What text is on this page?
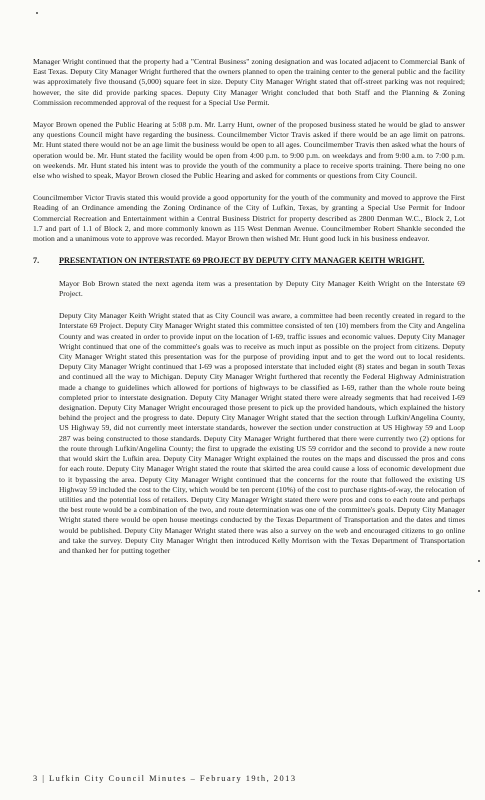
Manager Wright continued that the property had a "Central Business" zoning designation and was located adjacent to Commercial Bank of East Texas. Deputy City Manager Wright furthered that the owners planned to open the training center to the general public and the facility was approximately five thousand (5,000) square feet in size. Deputy City Manager Wright stated that off-street parking was not required; however, the site did provide parking spaces. Deputy City Manager Wright concluded that both Staff and the Planning & Zoning Commission recommended approval of the request for a Special Use Permit.

Mayor Brown opened the Public Hearing at 5:08 p.m. Mr. Larry Hunt, owner of the proposed business stated he would be glad to answer any questions Council might have regarding the business. Councilmember Victor Travis asked if there would be an age limit on patrons. Mr. Hunt stated there would not be an age limit the business would be open to all ages. Councilmember Travis then asked what the hours of operation would be. Mr. Hunt stated the facility would be open from 4:00 p.m. to 9:00 p.m. on weekdays and from 9:00 a.m. to 7:00 p.m. on weekends. Mr. Hunt stated his intent was to provide the youth of the community a place to receive sports training. There being no one else who wished to speak, Mayor Brown closed the Public Hearing and asked for comments or questions from City Council.

Councilmember Victor Travis stated this would provide a good opportunity for the youth of the community and moved to approve the First Reading of an Ordinance amending the Zoning Ordinance of the City of Lufkin, Texas, by granting a Special Use Permit for Indoor Commercial Recreation and Entertainment within a Central Business District for property described as 2800 Denman W.C., Block 2, Lot 1.7 and part of 1.1 of Block 2, and more commonly known as 115 West Denman Avenue. Councilmember Robert Shankle seconded the motion and a unanimous vote to approve was recorded. Mayor Brown then wished Mr. Hunt good luck in his business endeavor.

7.	PRESENTATION ON INTERSTATE 69 PROJECT BY DEPUTY CITY MANAGER KEITH WRIGHT.

Mayor Bob Brown stated the next agenda item was a presentation by Deputy City Manager Keith Wright on the Interstate 69 Project.

Deputy City Manager Keith Wright stated that as City Council was aware, a committee had been recently created in regard to the Interstate 69 Project. Deputy City Manager Wright stated this committee consisted of ten (10) members from the City and Angelina County and was created in order to provide input on the location of I-69, traffic issues and economic values. Deputy City Manager Wright continued that one of the committee's goals was to receive as much input as possible on the project from citizens. Deputy City Manager Wright stated this presentation was for the purpose of providing input and to get the word out to local residents. Deputy City Manager Wright continued that I-69 was a proposed interstate that included eight (8) states and began in south Texas and continued all the way to Michigan. Deputy City Manager Wright furthered that recently the Federal Highway Administration made a change to guidelines which allowed for portions of highways to be classified as I-69, rather than the whole route being completed prior to interstate designation. Deputy City Manager Wright stated there were already segments that had received I-69 designation. Deputy City Manager Wright encouraged those present to pick up the provided handouts, which explained the history behind the project and the progress to date. Deputy City Manager Wright stated that the section through Lufkin/Angelina County, US Highway 59, did not currently meet interstate standards, however the section under construction at US Highway 59 and Loop 287 was being constructed to those standards. Deputy City Manager Wright furthered that there were currently two (2) options for the route through Lufkin/Angelina County; the first to upgrade the existing US 59 corridor and the second to provide a new route that would skirt the Lufkin area. Deputy City Manager Wright explained the routes on the maps and discussed the pros and cons for each route. Deputy City Manager Wright stated the route that skirted the area could cause a loss of economic development due to it bypassing the area. Deputy City Manager Wright continued that the concerns for the route that followed the existing US Highway 59 included the cost to the City, which would be ten percent (10%) of the cost to purchase rights-of-way, the relocation of utilities and the potential loss of retailers. Deputy City Manager Wright stated there were pros and cons to each route and perhaps the best route would be a combination of the two, and route determination was one of the committee's goals. Deputy City Manager Wright stated there would be open house meetings conducted by the Texas Department of Transportation and the dates and times would be published. Deputy City Manager Wright stated there was also a survey on the web and encouraged citizens to go online and take the survey. Deputy City Manager Wright then introduced Kelly Morrison with the Texas Department of Transportation and thanked her for putting together

3 | Lufkin City Council Minutes – February 19th, 2013
